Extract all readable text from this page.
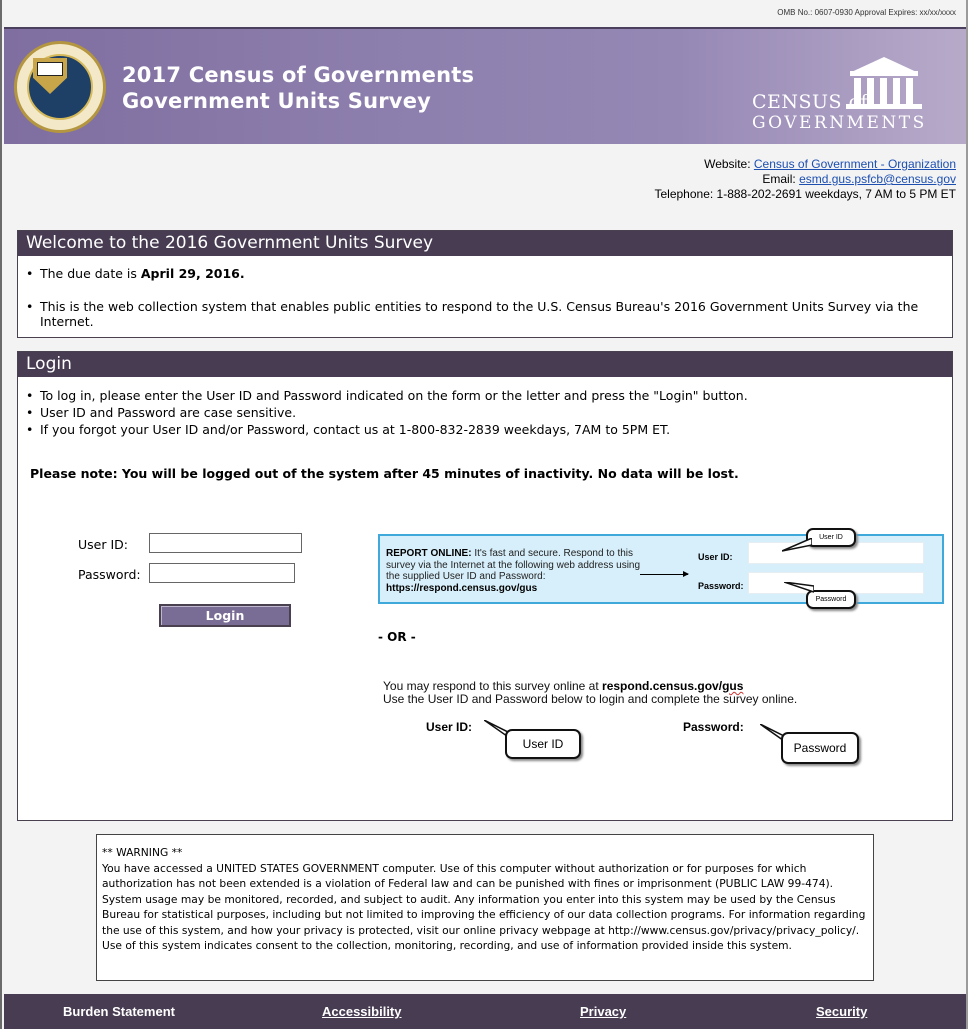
OMB No.: 0607-0930 Approval Expires: xx/xx/xxxx
2017 Census of Governments
Government Units Survey	CENSUS of
GOVERNMENTS
Website: Census of Government - Organization
Email: esmd.gus.psfcb@census.gov
Telephone: 1-888-202-2691 weekdays, 7 AM to 5 PM ET
Welcome to the 2016 Government Units Survey
• The due date is April 29, 2016.
• This is the web collection system that enables public entities to respond to the U.S. Census Bureau's 2016 Government Units Survey via the Internet.
Login
• To log in, please enter the User ID and Password indicated on the form or the letter and press the "Login" button.
• User ID and Password are case sensitive.
• If you forgot your User ID and/or Password, contact us at 1-800-832-2839 weekdays, 7AM to 5PM ET.
Please note: You will be logged out of the system after 45 minutes of inactivity. No data will be lost.
User ID:
Password:
Login
REPORT ONLINE: It's fast and secure. Respond to this survey via the Internet at the following web address using the supplied User ID and Password:
https://respond.census.gov/gus
User ID:
Password:
User ID
Password
- OR -
You may respond to this survey online at respond.census.gov/gus
Use the User ID and Password below to login and complete the survey online.
User ID:	Password:
User ID	Password
** WARNING **
You have accessed a UNITED STATES GOVERNMENT computer. Use of this computer without authorization or for purposes for which authorization has not been extended is a violation of Federal law and can be punished with fines or imprisonment (PUBLIC LAW 99-474). System usage may be monitored, recorded, and subject to audit. Any information you enter into this system may be used by the Census Bureau for statistical purposes, including but not limited to improving the efficiency of our data collection programs. For information regarding the use of this system, and how your privacy is protected, visit our online privacy webpage at http://www.census.gov/privacy/privacy_policy/. Use of this system indicates consent to the collection, monitoring, recording, and use of information provided inside this system.
Burden Statement	Accessibility	Privacy	Security
